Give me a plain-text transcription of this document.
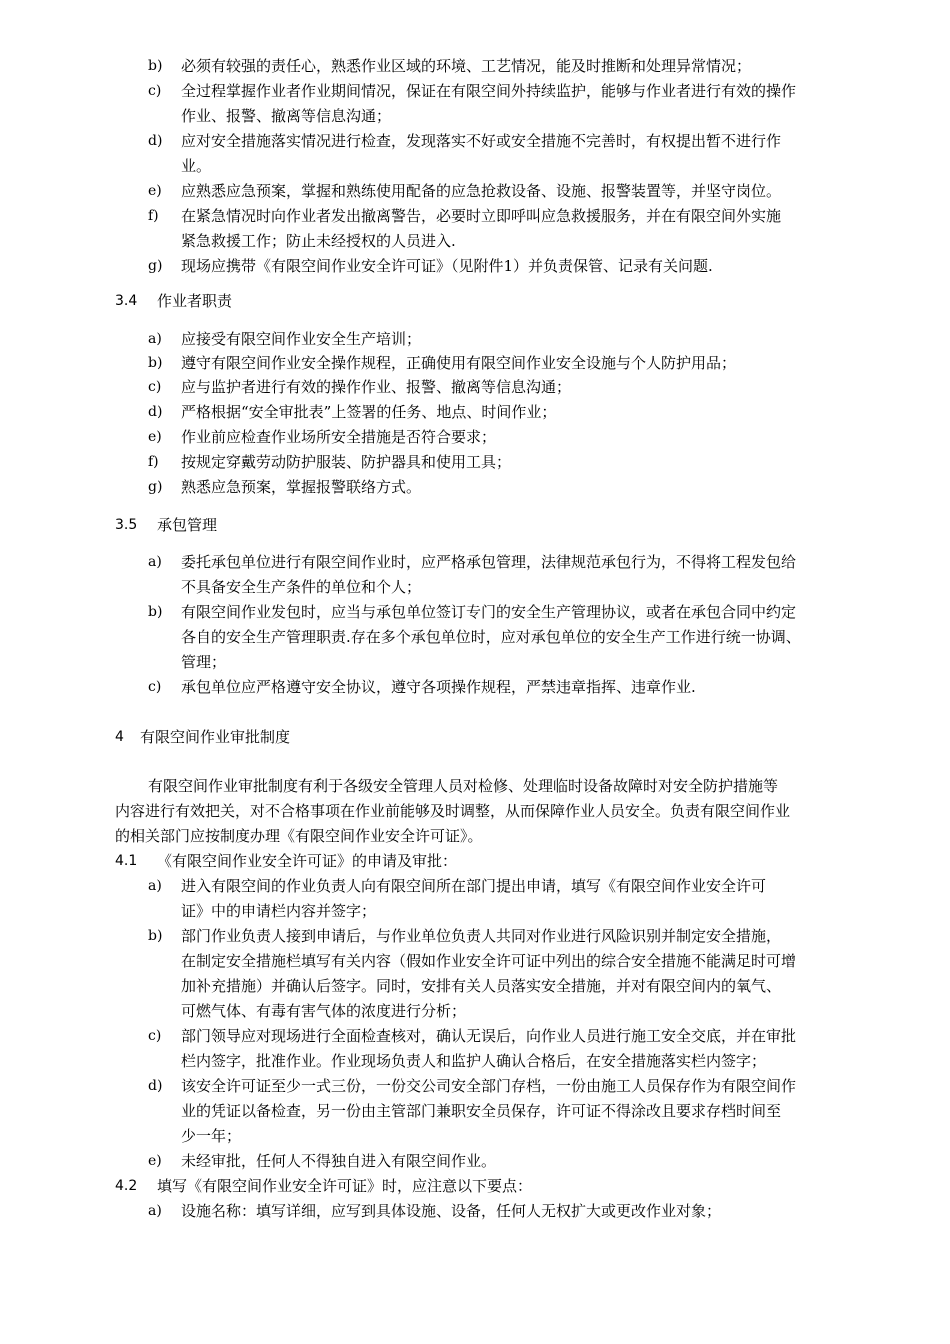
b) 必须有较强的责任心，熟悉作业区域的环境、工艺情况，能及时推断和处理异常情况；
c) 全过程掌握作业者作业期间情况，保证在有限空间外持续监护，能够与作业者进行有效的操作
作业、报警、撤离等信息沟通；
d) 应对安全措施落实情况进行检查，发现落实不好或安全措施不完善时，有权提出暂不进行作
业。
e) 应熟悉应急预案，掌握和熟练使用配备的应急抢救设备、设施、报警装置等，并坚守岗位。
f) 在紧急情况时向作业者发出撤离警告，必要时立即呼叫应急救援服务，并在有限空间外实施
紧急救援工作；防止未经授权的人员进入.
g) 现场应携带《有限空间作业安全许可证》（见附件1）并负责保管、记录有关问题.
3.4 作业者职责
a) 应接受有限空间作业安全生产培训；
b) 遵守有限空间作业安全操作规程，正确使用有限空间作业安全设施与个人防护用品；
c) 应与监护者进行有效的操作作业、报警、撤离等信息沟通；
d) 严格根据“安全审批表”上签署的任务、地点、时间作业；
e) 作业前应检查作业场所安全措施是否符合要求；
f) 按规定穿戴劳动防护服装、防护器具和使用工具；
g) 熟悉应急预案，掌握报警联络方式。
3.5 承包管理
a) 委托承包单位进行有限空间作业时，应严格承包管理，法律规范承包行为，不得将工程发包给
不具备安全生产条件的单位和个人；
b) 有限空间作业发包时，应当与承包单位签订专门的安全生产管理协议，或者在承包合同中约定
各自的安全生产管理职责.存在多个承包单位时，应对承包单位的安全生产工作进行统一协调、
管理；
c) 承包单位应严格遵守安全协议，遵守各项操作规程，严禁违章指挥、违章作业.
4 有限空间作业审批制度
有限空间作业审批制度有利于各级安全管理人员对检修、处理临时设备故障时对安全防护措施等
内容进行有效把关，对不合格事项在作业前能够及时调整，从而保障作业人员安全。负责有限空间作业
的相关部门应按制度办理《有限空间作业安全许可证》。
4.1 《有限空间作业安全许可证》的申请及审批：
a) 进入有限空间的作业负责人向有限空间所在部门提出申请，填写《有限空间作业安全许可
证》中的申请栏内容并签字；
b) 部门作业负责人接到申请后，与作业单位负责人共同对作业进行风险识别并制定安全措施，
在制定安全措施栏填写有关内容（假如作业安全许可证中列出的综合安全措施不能满足时可增
加补充措施）并确认后签字。同时，安排有关人员落实安全措施，并对有限空间内的氧气、
可燃气体、有毒有害气体的浓度进行分析；
c) 部门领导应对现场进行全面检查核对，确认无误后，向作业人员进行施工安全交底，并在审批
栏内签字，批准作业。作业现场负责人和监护人确认合格后，在安全措施落实栏内签字；
d) 该安全许可证至少一式三份，一份交公司安全部门存档，一份由施工人员保存作为有限空间作
业的凭证以备检查，另一份由主管部门兼职安全员保存，许可证不得涂改且要求存档时间至
少一年；
e) 未经审批，任何人不得独自进入有限空间作业。
4.2 填写《有限空间作业安全许可证》时，应注意以下要点：
a) 设施名称：填写详细，应写到具体设施、设备，任何人无权扩大或更改作业对象；
